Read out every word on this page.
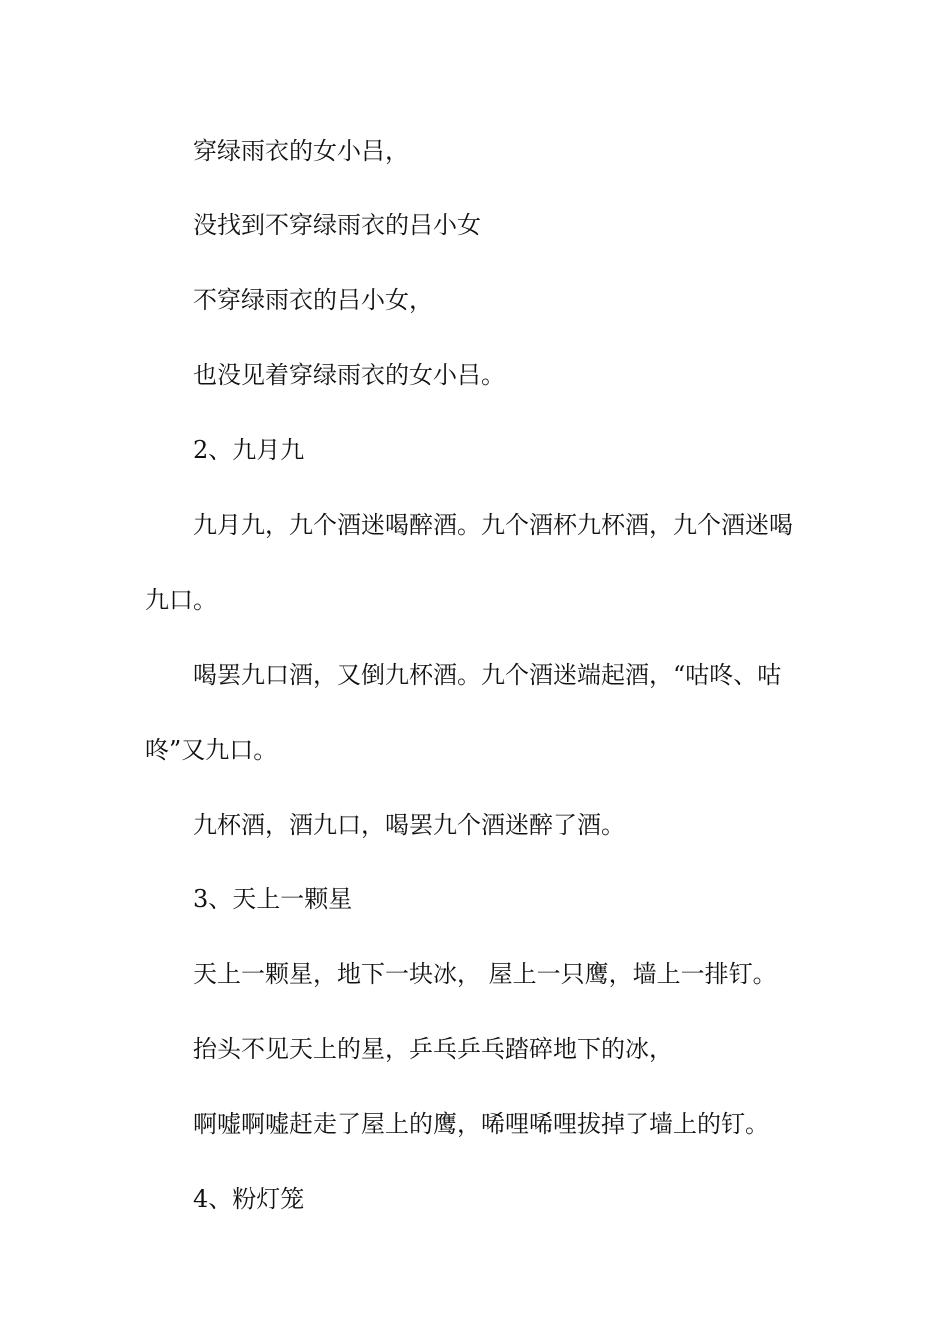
穿绿雨衣的女小吕，
没找到不穿绿雨衣的吕小女
不穿绿雨衣的吕小女，
也没见着穿绿雨衣的女小吕。
2、九月九
九月九，九个酒迷喝醉酒。九个酒杯九杯酒，九个酒迷喝
九口。
喝罢九口酒，又倒九杯酒。九个酒迷端起酒，“咕咚、咕
咚”又九口。
九杯酒，酒九口，喝罢九个酒迷醉了酒。
3、天上一颗星
天上一颗星，地下一块冰， 屋上一只鹰，墙上一排钉。
抬头不见天上的星，乒乓乒乓踏碎地下的冰，
啊嘘啊嘘赶走了屋上的鹰，唏哩唏哩拔掉了墙上的钉。
4、粉灯笼
